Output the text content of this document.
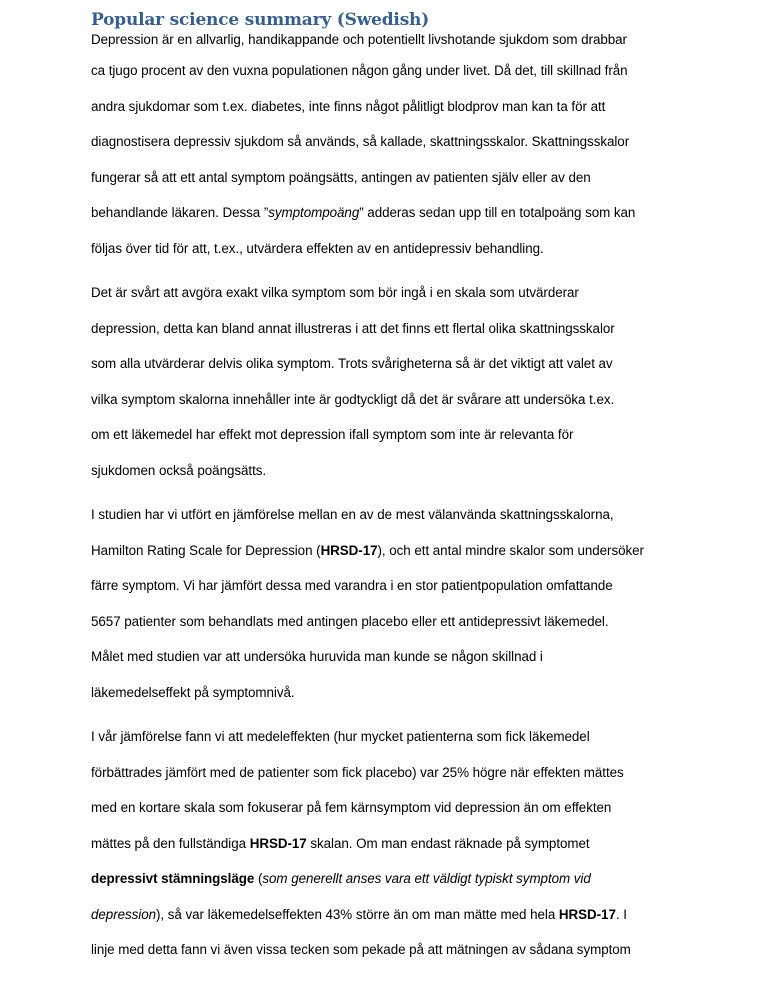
Popular science summary (Swedish)

Depression är en allvarlig, handikappande och potentiellt livshotande sjukdom som drabbar
ca tjugo procent av den vuxna populationen någon gång under livet. Då det, till skillnad från
andra sjukdomar som t.ex. diabetes, inte finns något pålitligt blodprov man kan ta för att
diagnostisera depressiv sjukdom så används, så kallade, skattningsskalor. Skattningsskalor
fungerar så att ett antal symptom poängsätts, antingen av patienten själv eller av den
behandlande läkaren. Dessa ”symptompoäng” adderas sedan upp till en totalpoäng som kan
följas över tid för att, t.ex., utvärdera effekten av en antidepressiv behandling.

Det är svårt att avgöra exakt vilka symptom som bör ingå i en skala som utvärderar
depression, detta kan bland annat illustreras i att det finns ett flertal olika skattningsskalor
som alla utvärderar delvis olika symptom. Trots svårigheterna så är det viktigt att valet av
vilka symptom skalorna innehåller inte är godtyckligt då det är svårare att undersöka t.ex.
om ett läkemedel har effekt mot depression ifall symptom som inte är relevanta för
sjukdomen också poängsätts.

I studien har vi utfört en jämförelse mellan en av de mest välanvända skattningsskalorna,
Hamilton Rating Scale for Depression (HRSD-17), och ett antal mindre skalor som undersöker
färre symptom. Vi har jämfört dessa med varandra i en stor patientpopulation omfattande
5657 patienter som behandlats med antingen placebo eller ett antidepressivt läkemedel.
Målet med studien var att undersöka huruvida man kunde se någon skillnad i
läkemedelseffekt på symptomnivå.

I vår jämförelse fann vi att medeleffekten (hur mycket patienterna som fick läkemedel
förbättrades jämfört med de patienter som fick placebo) var 25% högre när effekten mättes
med en kortare skala som fokuserar på fem kärnsymptom vid depression än om effekten
mättes på den fullständiga HRSD-17 skalan. Om man endast räknade på symptomet
depressivt stämningsläge (som generellt anses vara ett väldigt typiskt symptom vid
depression), så var läkemedelseffekten 43% större än om man mätte med hela HRSD-17. I
linje med detta fann vi även vissa tecken som pekade på att mätningen av sådana symptom
